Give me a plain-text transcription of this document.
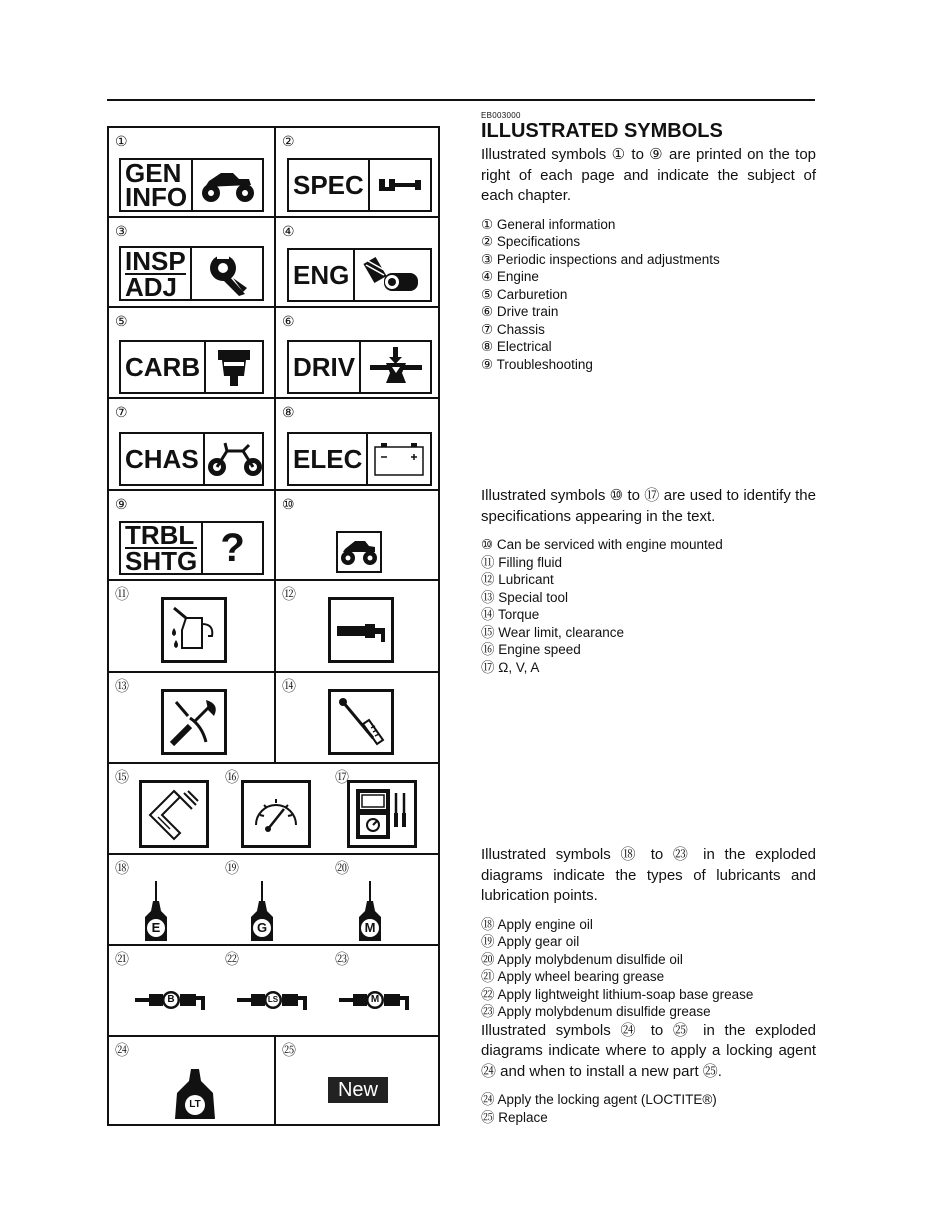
①
GEN
INFO
②
SPEC
③
INSP
ADJ
④
ENG
⑤
CARB
⑥
DRIV
⑦
CHAS
⑧
ELEC
⑨
TRBL
SHTG ?
⑩
⑪	⑫
⑬	⑭
⑮	⑯	⑰
⑱
E
⑲
G
⑳
M
㉑
B
㉒
LS
㉓
M
㉔
LT
㉕
New
EB003000
ILLUSTRATED SYMBOLS

Illustrated symbols ① to ⑨ are printed on the top right of each page and indicate the subject of each chapter.

① General information
② Specifications
③ Periodic inspections and adjustments
④ Engine
⑤ Carburetion
⑥ Drive train
⑦ Chassis
⑧ Electrical
⑨ Troubleshooting

Illustrated symbols ⑩ to ⑰ are used to identify the specifications appearing in the text.

⑩ Can be serviced with engine mounted
⑪ Filling fluid
⑫ Lubricant
⑬ Special tool
⑭ Torque
⑮ Wear limit, clearance
⑯ Engine speed
⑰ Ω, V, A

Illustrated symbols ⑱ to ㉓ in the exploded diagrams indicate the types of lubricants and lubrication points.

⑱ Apply engine oil
⑲ Apply gear oil
⑳ Apply molybdenum disulfide oil
㉑ Apply wheel bearing grease
㉒ Apply lightweight lithium-soap base grease
㉓ Apply molybdenum disulfide grease

Illustrated symbols ㉔ to ㉕ in the exploded diagrams indicate where to apply a locking agent ㉔ and when to install a new part ㉕.

㉔ Apply the locking agent (LOCTITE®)
㉕ Replace
